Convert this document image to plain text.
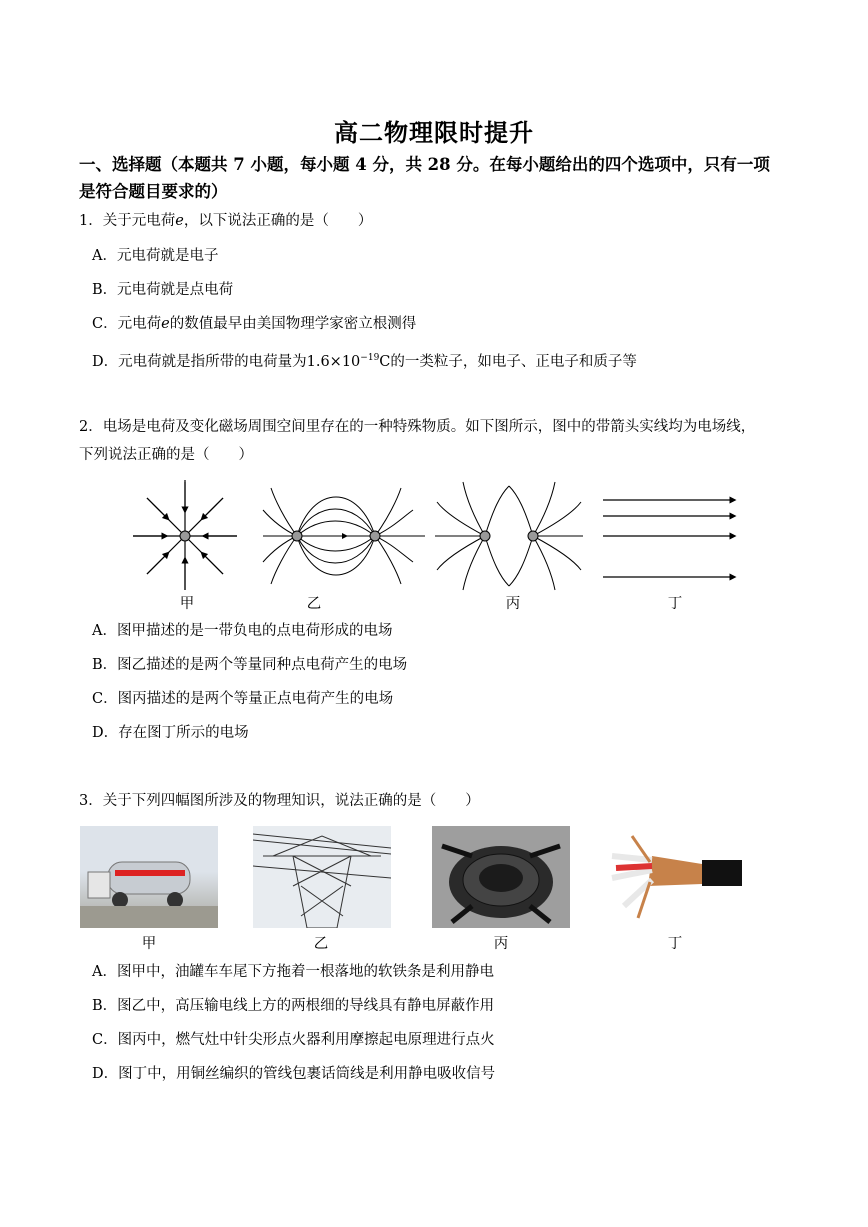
高二物理限时提升
一、选择题（本题共 7 小题，每小题 4 分，共 28 分。在每小题给出的四个选项中，只有一项
是符合题目要求的）
1．关于元电荷e，以下说法正确的是（　　）
A．元电荷就是电子
B．元电荷就是点电荷
C．元电荷e的数值最早由美国物理学家密立根测得
D．元电荷就是指所带的电荷量为$1.6\times 10^{-19}C$的一类粒子，如电子、正电子和质子等
2．电场是电荷及变化磁场周围空间里存在的一种特殊物质。如下图所示，图中的带箭头实线均为电场线，
下列说法正确的是（　　）
甲	乙	丙	丁
A．图甲描述的是一带负电的点电荷形成的电场
B．图乙描述的是两个等量同种点电荷产生的电场
C．图丙描述的是两个等量正点电荷产生的电场
D．存在图丁所示的电场
3．关于下列四幅图所涉及的物理知识，说法正确的是（　　）
甲	乙	丙	丁
A．图甲中，油罐车车尾下方拖着一根落地的软铁条是利用静电
B．图乙中，高压输电线上方的两根细的导线具有静电屏蔽作用
C．图丙中，燃气灶中针尖形点火器利用摩擦起电原理进行点火
D．图丁中，用铜丝编织的管线包裹话筒线是利用静电吸收信号
